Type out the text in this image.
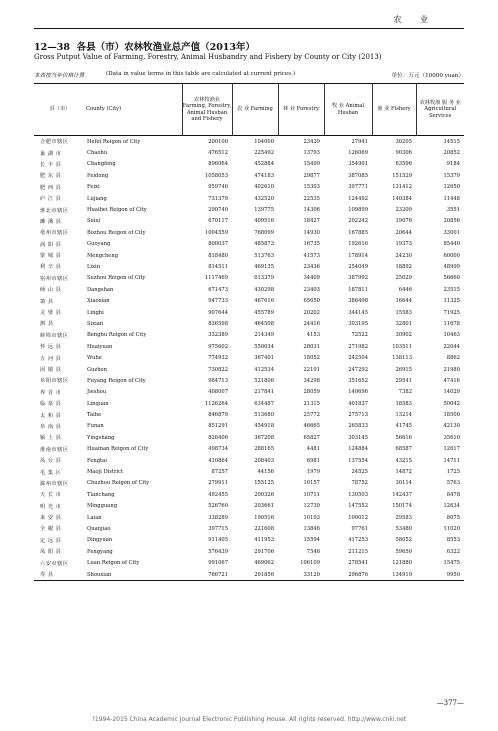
农 业
12—38 各县（市）农林牧渔业总产值（2013年）
Gross Putput Value of Farming, Forestry, Animal Husbandry and Fishery by County or City (2013)
本表按当年价格计算	(Data in value terms in this table are calculated at current prices.)	单位：万元（10000 yuan）
县（市）	County (City)	农林牧渔业 Farming, Forestry, Animal Husban and Fishery	农 业 Farming	林 业 Forestry	牧 业 Animal Husban	渔 业 Fishery	农林牧渔 服 务 业 Agricultural Services
合肥市辖区	Hefei Reigon of City	200100	104000	23439	27941	30205	14515
巢 湖 市	Chaohu	476512	225492	13793	126069	90306	20852
长 丰 县	Changfeng	896064	452884	15499	354901	63596	9184
肥 东 县	Feidong	1058053	474183	29877	387085	151529	15379
肥 西 县	Feixi	959746	402610	15303	397771	131412	12650
庐 江 县	Lujiang	731379	432520	22535	124492	140384	11448
淮北市辖区	Huaibei Reigon of City	290740	139775	14306	109899	23209	3551
濉 溪 县	Suixi	670117	409516	18427	202242	19076	20856
亳州市辖区	Bozhou Reigon of City	1004559	768099	14930	167885	20644	33001
涡 阳 县	Guoyang	800037	485873	16735	192616	19373	85440
蒙 城 县	Mengcheng	818480	513763	41573	178914	24230	60000
利 辛 县	Lixin	814511	469135	23436	254049	18892	48999
宿州市辖区	Suzhou Reigon of City	1117469	613379	34409	387992	25029	56660
砀 山 县	Dangshan	671473	430298	23403	187811	6446	23515
萧 县	Xiaoxian	947733	467616	65650	386498	16644	11325
灵 璧 县	Lingbi	907644	455789	20202	344145	15583	71925
泗 县	Sixian	836598	464508	24416	303195	32801	11678
蚌埠市辖区	Bengbu Reigon of City	332389	214349	4153	72522	30902	10463
怀 远 县	Huaiyuan	975602	550034	28031	271982	103511	22044
五 河 县	Wuhe	774932	367401	18052	242504	138113	8862
固 镇 县	Guzhen	730822	412534	22101	247292	26915	21980
阜阳市辖区	Fuyang Reigon of City	984713	521806	34298	351652	29541	47416
界 首 市	Jieshou	408007	217841	28059	140696	7382	14029
临 泉 县	Linquan	1126264	634487	21315	401837	18583	50042
太 和 县	Taihe	846879	513680	25772	275713	13214	18500
阜 南 县	Funan	851291	454918	46665	265833	41745	42130
颍 上 县	Yingshang	826406	367208	65827	303145	56616	35610
淮南市辖区	Huainan Reigon of City	498734	288165	4481	124884	68587	12617
凤 台 县	Fengtai	410864	208403	6981	137554	43215	14711
毛 集 区	Maoji District	87257	44156	1979	24525	14872	1725
滁州市辖区	Chuzhou Reigon of City	279911	155125	10157	78752	30114	5763
天 长 市	Tianchang	492455	200326	10711	130503	142437	8478
明 光 市	Mingguang	526760	203661	12739	147552	150174	12634
来 安 县	Laian	338289	190516	10103	100012	29583	8075
全 椒 县	Quanjiao	397715	221608	13846	97761	53480	11020
定 远 县	Dingyuan	911405	411953	15594	417253	58052	8553
凤 阳 县	Fengyang	576439	291706	7546	211215	59650	6322
六安市辖区	Luan Reigon of City	991067	469062	106109	278541	121880	15475
寿 县	Shouxian	766721	291856	33120	296876	134919	9950
—377—
?1994-2015 China Academic Journal Electronic Publishing House. All rights reserved. http://www.cnki.net
